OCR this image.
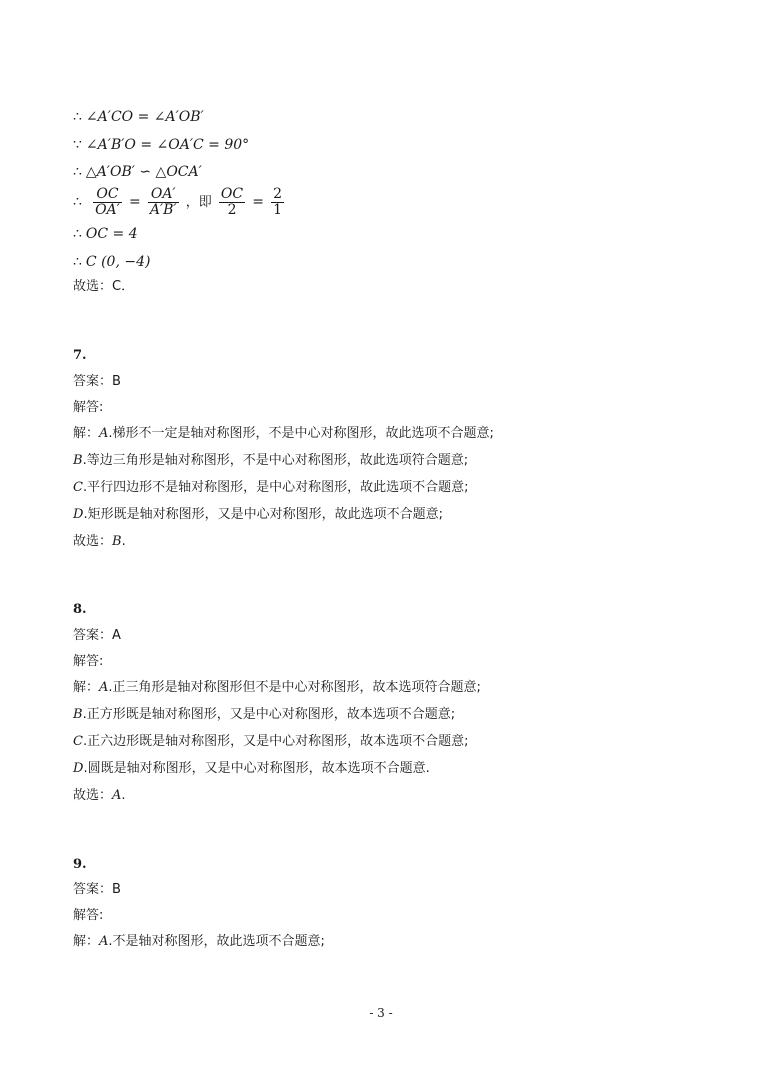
∴ ∠A′CO = ∠A′OB′
∵ ∠A′B′O = ∠OA′C = 90°
∴ △A′OB′ ∽ △OCA′
∴ $\frac{OC}{OA'} = \frac{OA'}{A'B'}$ ，即 $\frac{OC}{2} = \frac{2}{1}$
∴ OC = 4
∴ C (0, −4)
故选：C．
7.
答案：B
解答:
解：A.梯形不一定是轴对称图形，不是中心对称图形，故此选项不合题意;
B.等边三角形是轴对称图形，不是中心对称图形，故此选项符合题意;
C.平行四边形不是轴对称图形，是中心对称图形，故此选项不合题意;
D.矩形既是轴对称图形，又是中心对称图形，故此选项不合题意;
故选：B.
8.
答案：A
解答:
解：A.正三角形是轴对称图形但不是中心对称图形，故本选项符合题意;
B.正方形既是轴对称图形，又是中心对称图形，故本选项不合题意;
C.正六边形既是轴对称图形，又是中心对称图形，故本选项不合题意;
D.圆既是轴对称图形，又是中心对称图形，故本选项不合题意.
故选：A.
9.
答案：B
解答:
解：A.不是轴对称图形，故此选项不合题意;
- 3 -
